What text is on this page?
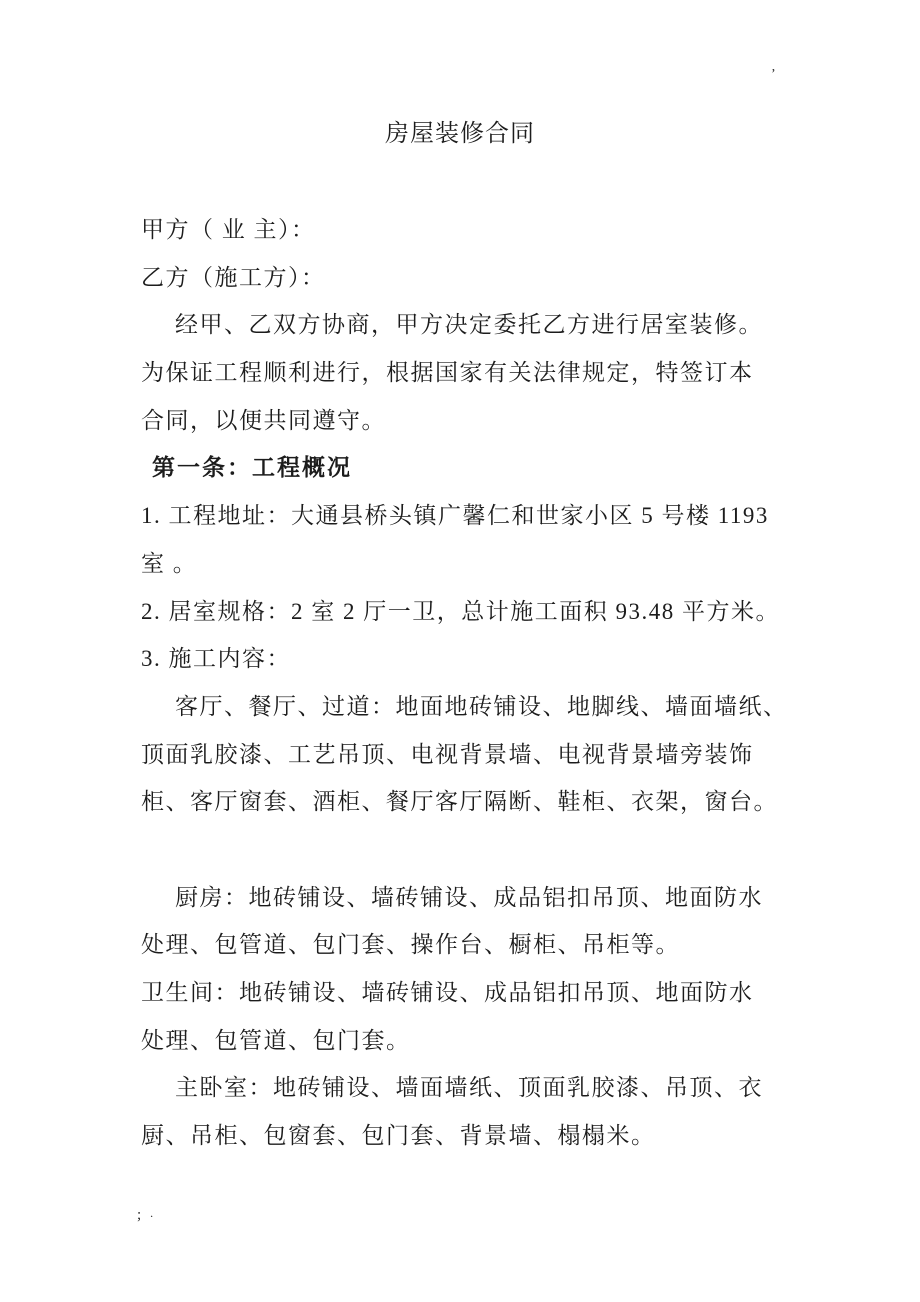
’
房屋装修合同
甲方（ 业 主）：
乙方（施工方）：
经甲、乙双方协商，甲方决定委托乙方进行居室装修。
为保证工程顺利进行，根据国家有关法律规定，特签订本
合同，以便共同遵守。
第一条：工程概况
1. 工程地址：大通县桥头镇广馨仁和世家小区 5 号楼 1193
室 。
2. 居室规格：2 室 2 厅一卫，总计施工面积 93.48 平方米。
3. 施工内容：
客厅、餐厅、过道：地面地砖铺设、地脚线、墙面墙纸、
顶面乳胶漆、工艺吊顶、电视背景墙、电视背景墙旁装饰
柜、客厅窗套、酒柜、餐厅客厅隔断、鞋柜、衣架，窗台。
厨房：地砖铺设、墙砖铺设、成品铝扣吊顶、地面防水
处理、包管道、包门套、操作台、橱柜、吊柜等。
卫生间：地砖铺设、墙砖铺设、成品铝扣吊顶、地面防水
处理、包管道、包门套。
主卧室：地砖铺设、墙面墙纸、顶面乳胶漆、吊顶、衣
厨、吊柜、包窗套、包门套、背景墙、榻榻米。
; .
